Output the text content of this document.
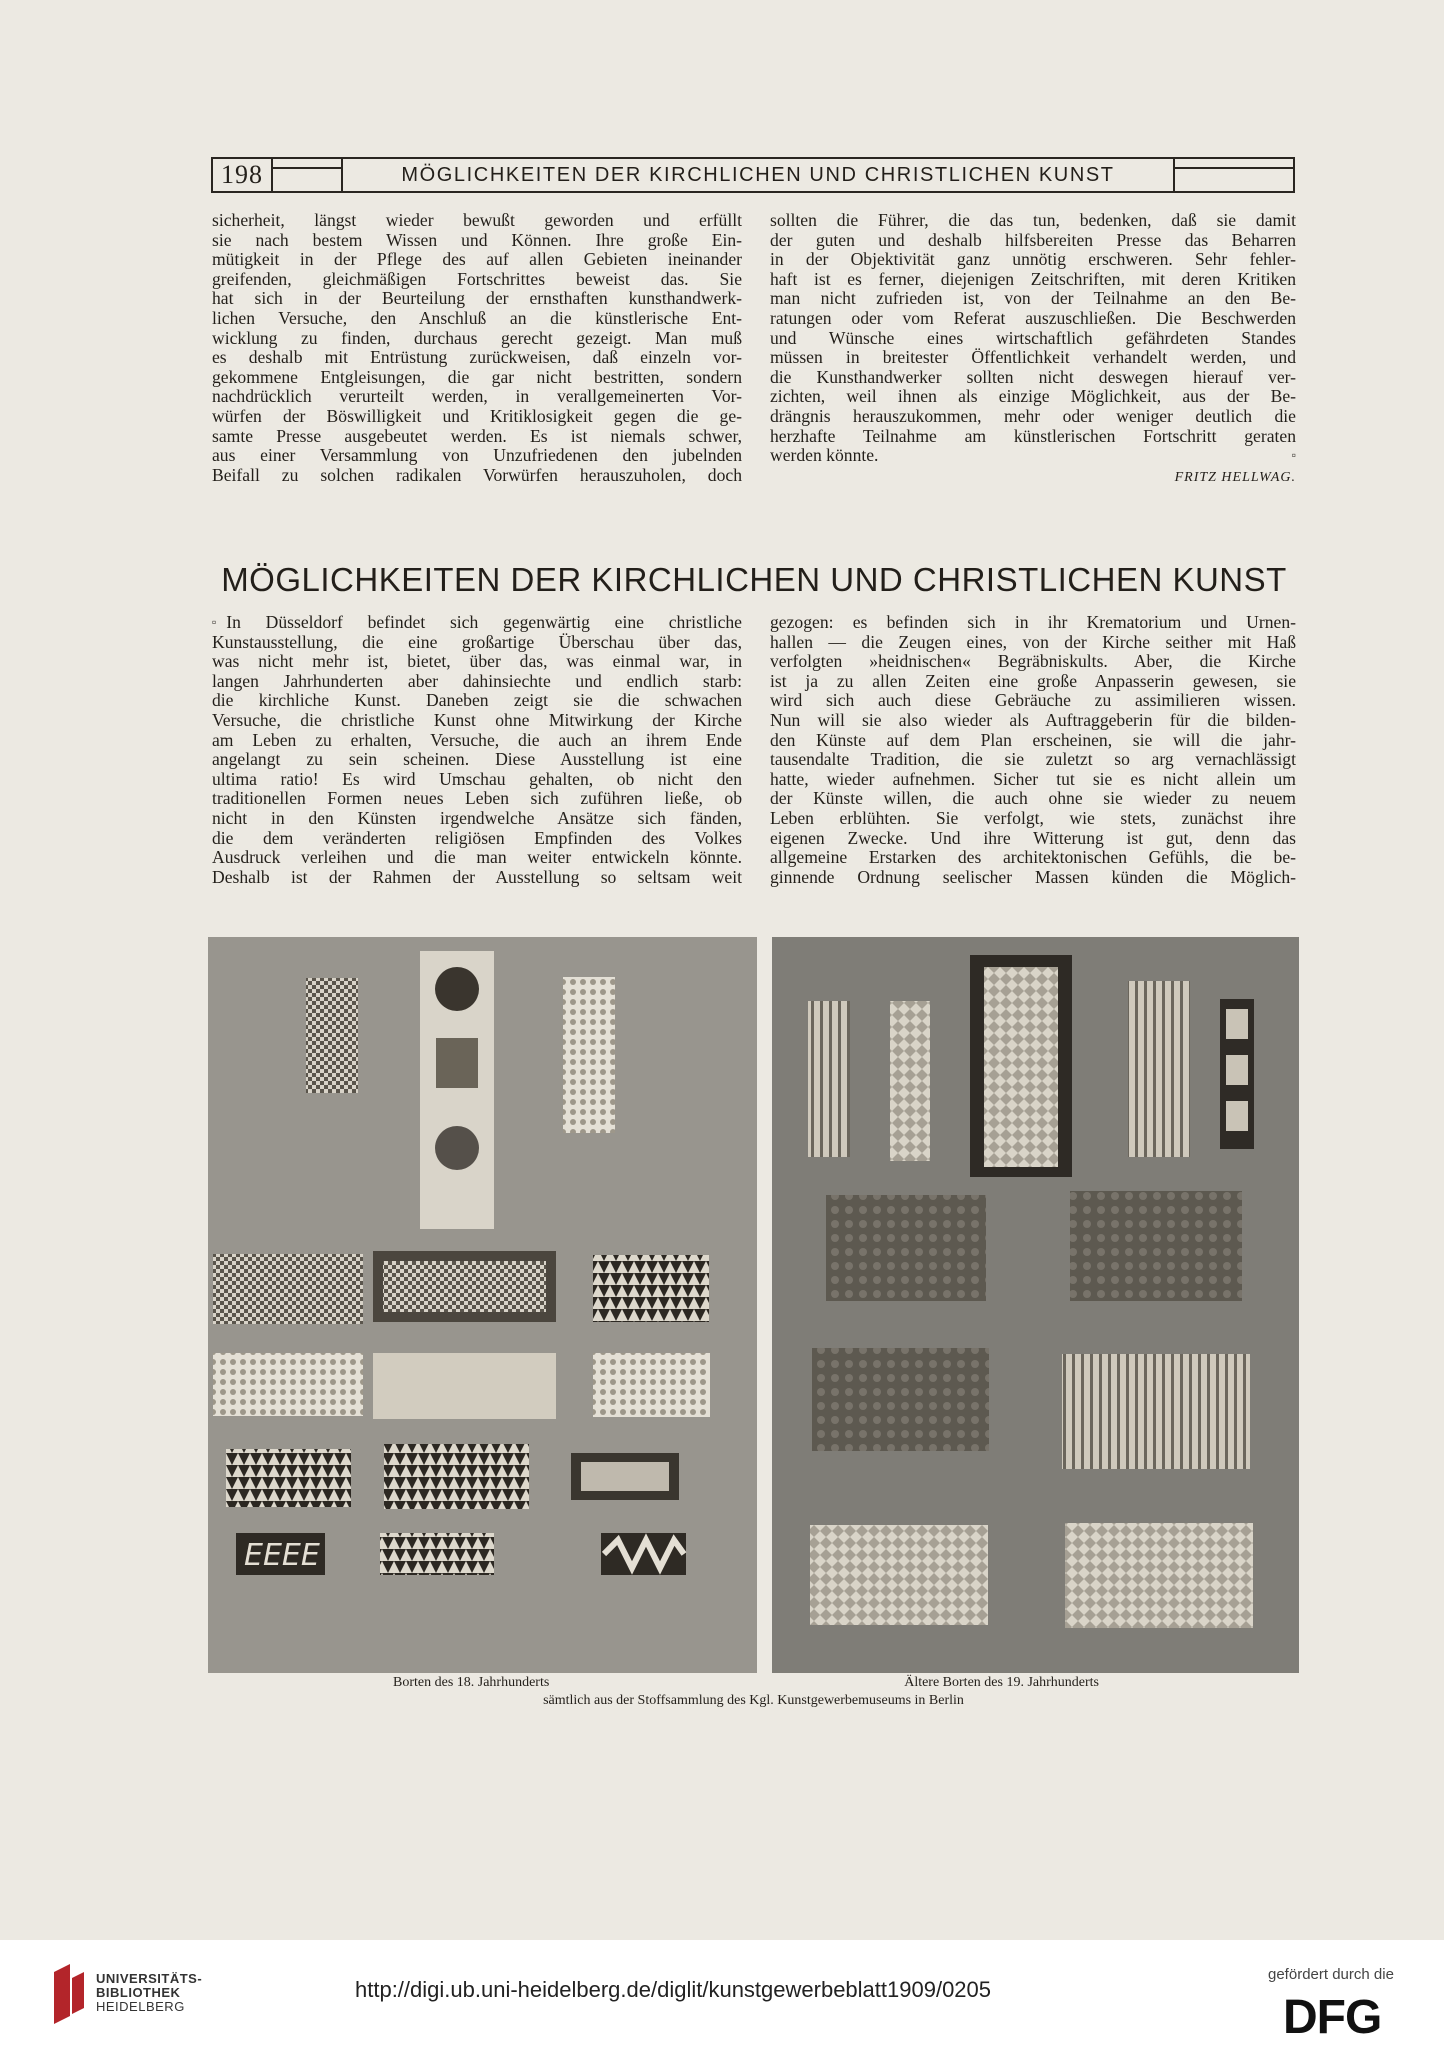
198	MÖGLICHKEITEN DER KIRCHLICHEN UND CHRISTLICHEN KUNST

sicherheit, längst wieder bewußt geworden und erfüllt

sie nach bestem Wissen und Können. Ihre große Ein-

mütigkeit in der Pflege des auf allen Gebieten ineinander

greifenden, gleichmäßigen Fortschrittes beweist das. Sie

hat sich in der Beurteilung der ernsthaften kunsthandwerk-

lichen Versuche, den Anschluß an die künstlerische Ent-

wicklung zu finden, durchaus gerecht gezeigt. Man muß

es deshalb mit Entrüstung zurückweisen, daß einzeln vor-

gekommene Entgleisungen, die gar nicht bestritten, sondern

nachdrücklich verurteilt werden, in verallgemeinerten Vor-

würfen der Böswilligkeit und Kritiklosigkeit gegen die ge-

samte Presse ausgebeutet werden. Es ist niemals schwer,

aus einer Versammlung von Unzufriedenen den jubelnden

Beifall zu solchen radikalen Vorwürfen herauszuholen, doch

sollten die Führer, die das tun, bedenken, daß sie damit

der guten und deshalb hilfsbereiten Presse das Beharren

in der Objektivität ganz unnötig erschweren. Sehr fehler-

haft ist es ferner, diejenigen Zeitschriften, mit deren Kritiken

man nicht zufrieden ist, von der Teilnahme an den Be-

ratungen oder vom Referat auszuschließen. Die Beschwerden

und Wünsche eines wirtschaftlich gefährdeten Standes

müssen in breitester Öffentlichkeit verhandelt werden, und

die Kunsthandwerker sollten nicht deswegen hierauf ver-

zichten, weil ihnen als einzige Möglichkeit, aus der Be-

drängnis herauszukommen, mehr oder weniger deutlich die

herzhafte Teilnahme am künstlerischen Fortschritt geraten

werden könnte.	▫

FRITZ HELLWAG.
MÖGLICHKEITEN DER KIRCHLICHEN UND CHRISTLICHEN KUNST

▫ In Düsseldorf befindet sich gegenwärtig eine christliche

Kunstausstellung, die eine großartige Überschau über das,

was nicht mehr ist, bietet, über das, was einmal war, in

langen Jahrhunderten aber dahinsiechte und endlich starb:

die kirchliche Kunst. Daneben zeigt sie die schwachen

Versuche, die christliche Kunst ohne Mitwirkung der Kirche

am Leben zu erhalten, Versuche, die auch an ihrem Ende

angelangt zu sein scheinen. Diese Ausstellung ist eine

ultima ratio! Es wird Umschau gehalten, ob nicht den

traditionellen Formen neues Leben sich zuführen ließe, ob

nicht in den Künsten irgendwelche Ansätze sich fänden,

die dem veränderten religiösen Empfinden des Volkes

Ausdruck verleihen und die man weiter entwickeln könnte.

Deshalb ist der Rahmen der Ausstellung so seltsam weit

gezogen: es befinden sich in ihr Krematorium und Urnen-

hallen — die Zeugen eines, von der Kirche seither mit Haß

verfolgten »heidnischen« Begräbniskults. Aber, die Kirche

ist ja zu allen Zeiten eine große Anpasserin gewesen, sie

wird sich auch diese Gebräuche zu assimilieren wissen.

Nun will sie also wieder als Auftraggeberin für die bilden-

den Künste auf dem Plan erscheinen, sie will die jahr-

tausendalte Tradition, die sie zuletzt so arg vernachlässigt

hatte, wieder aufnehmen. Sicher tut sie es nicht allein um

der Künste willen, die auch ohne sie wieder zu neuem

Leben erblühten. Sie verfolgt, wie stets, zunächst ihre

eigenen Zwecke. Und ihre Witterung ist gut, denn das

allgemeine Erstarken des architektonischen Gefühls, die be-

ginnende Ordnung seelischer Massen künden die Möglich-

EEEE
Borten des 18. Jahrhunderts	Ältere Borten des 19. Jahrhunderts
sämtlich aus der Stoffsammlung des Kgl. Kunstgewerbemuseums in Berlin
UNIVERSITÄTS-
BIBLIOTHEK
HEIDELBERG
http://digi.ub.uni-heidelberg.de/diglit/kunstgewerbeblatt1909/0205
gefördert durch die
DFG
